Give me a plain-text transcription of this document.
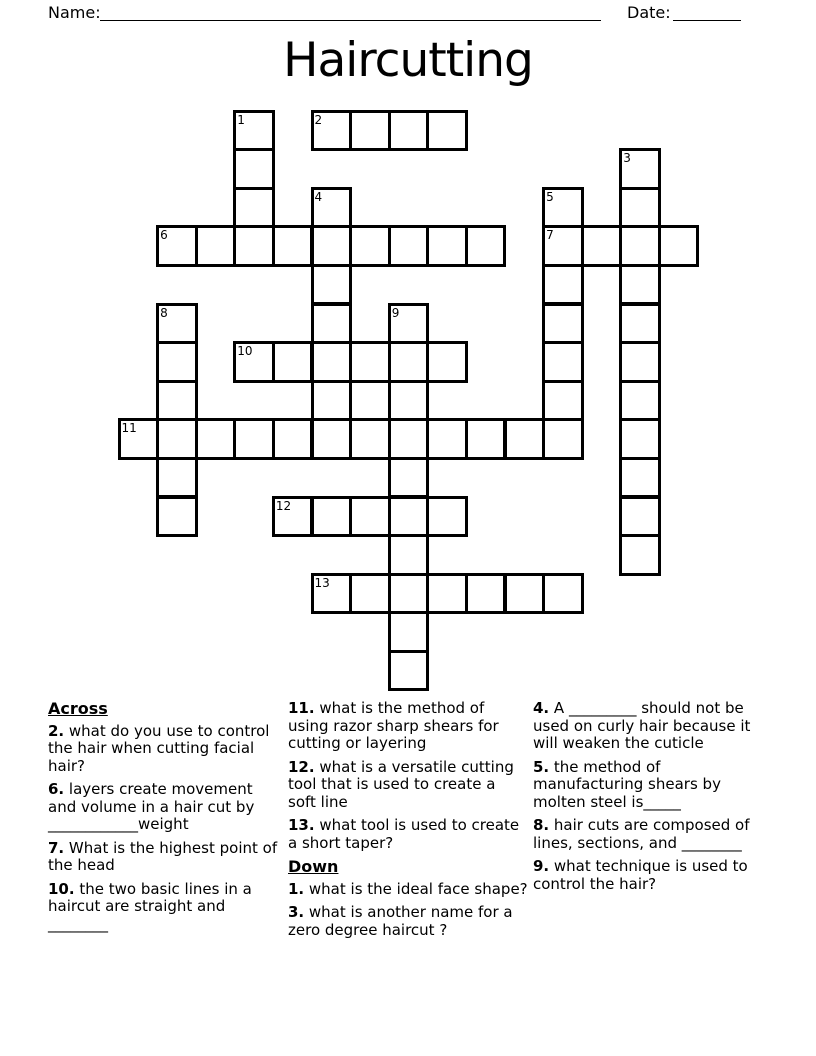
Name:	Date:
Haircutting
1	2
3
4	5
7
6
8	9
10
11
12
13
Across
2. what do you use to control the hair when cutting facial hair?
6. layers create movement and volume in a hair cut by ____________weight
7. What is the highest point of the head
10. the two basic lines in a haircut are straight and ________
11. what is the method of using razor sharp shears for cutting or layering
12. what is a versatile cutting tool that is used to create a soft line
13. what tool is used to create a short taper?
Down
1. what is the ideal face shape?
3. what is another name for a zero degree haircut ?
4. A _________ should not be used on curly hair because it will weaken the cuticle
5. the method of manufacturing shears by molten steel is_____
8. hair cuts are composed of lines, sections, and ________
9. what technique is used to control the hair?
